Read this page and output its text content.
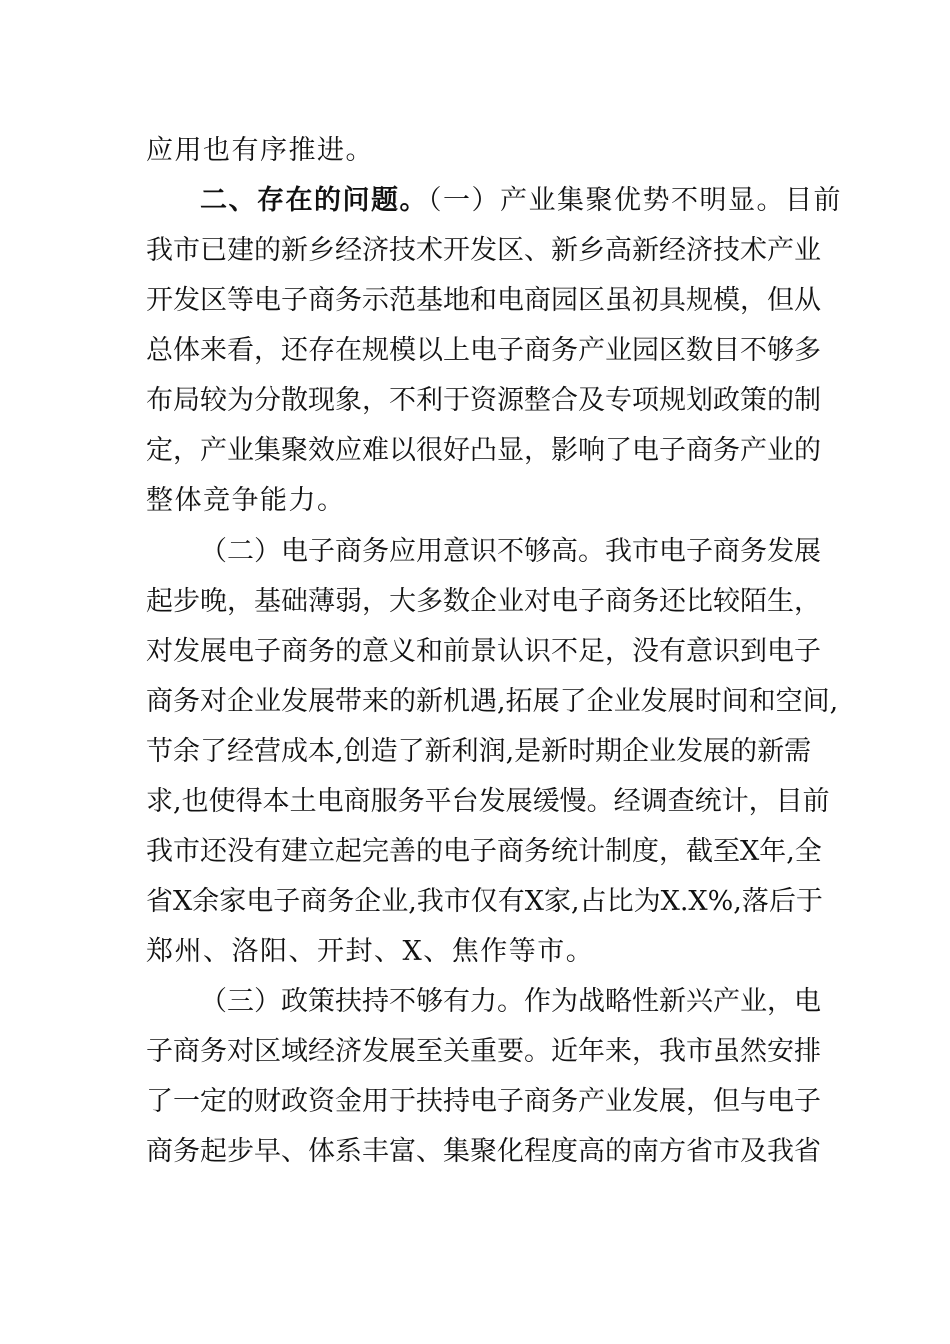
应用也有序推进。
二、存在的问题。（一）产业集聚优势不明显。目前
我市已建的新乡经济技术开发区、新乡高新经济技术产业
开发区等电子商务示范基地和电商园区虽初具规模，但从
总体来看，还存在规模以上电子商务产业园区数目不够多
布局较为分散现象，不利于资源整合及专项规划政策的制
定，产业集聚效应难以很好凸显，影响了电子商务产业的
整体竞争能力。
（二）电子商务应用意识不够高。我市电子商务发展
起步晚，基础薄弱，大多数企业对电子商务还比较陌生，
对发展电子商务的意义和前景认识不足，没有意识到电子
商务对企业发展带来的新机遇,拓展了企业发展时间和空间,
节余了经营成本,创造了新利润,是新时期企业发展的新需
求,也使得本土电商服务平台发展缓慢。经调查统计，目前
我市还没有建立起完善的电子商务统计制度，截至X年,全
省X余家电子商务企业,我市仅有X家,占比为X.X%,落后于
郑州、洛阳、开封、X、焦作等市。
（三）政策扶持不够有力。作为战略性新兴产业，电
子商务对区域经济发展至关重要。近年来，我市虽然安排
了一定的财政资金用于扶持电子商务产业发展，但与电子
商务起步早、体系丰富、集聚化程度高的南方省市及我省
